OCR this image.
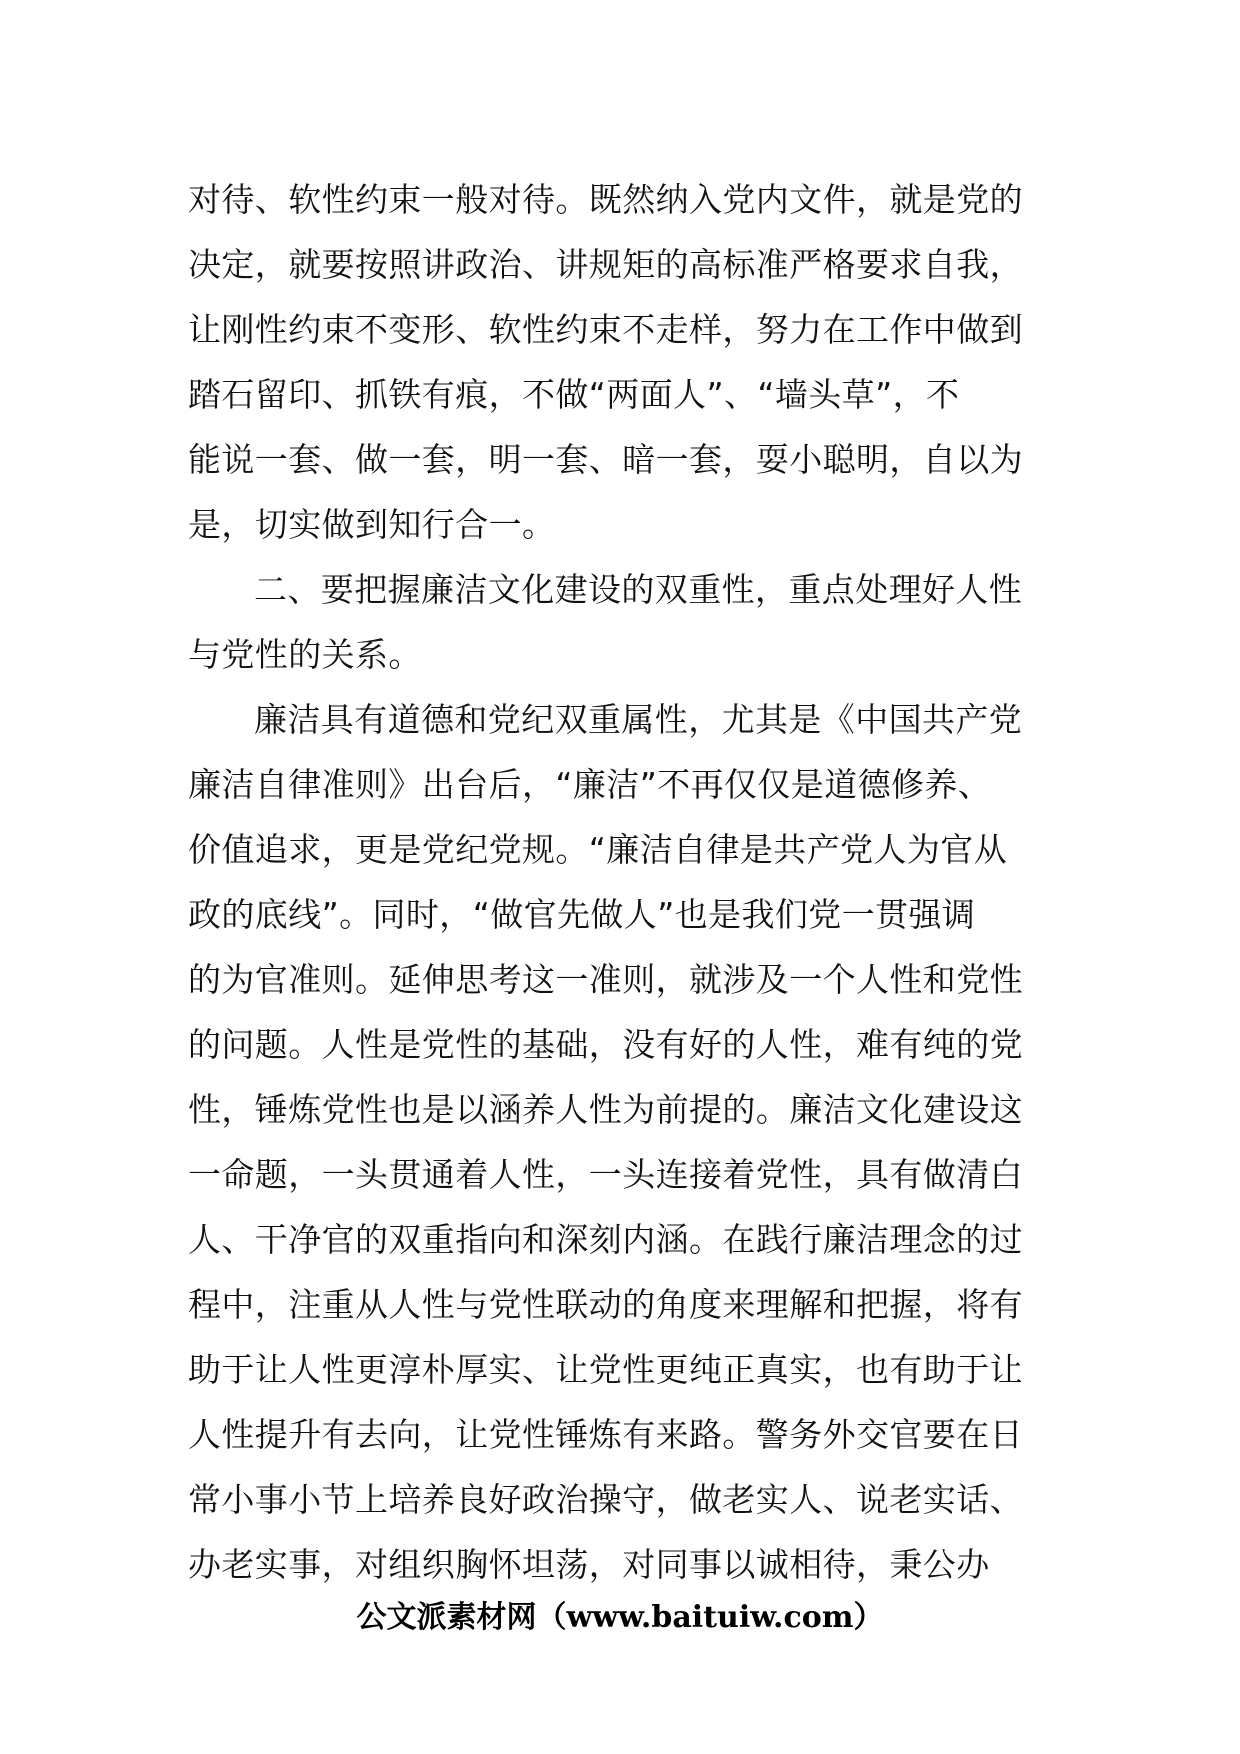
对待、软性约束一般对待。既然纳入党内文件，就是党的
决定，就要按照讲政治、讲规矩的高标准严格要求自我，
让刚性约束不变形、软性约束不走样，努力在工作中做到
踏石留印、抓铁有痕，不做“两面人”、“墙头草”，不
能说一套、做一套，明一套、暗一套，耍小聪明，自以为
是，切实做到知行合一。
二、要把握廉洁文化建设的双重性，重点处理好人性
与党性的关系。
廉洁具有道德和党纪双重属性，尤其是《中国共产党
廉洁自律准则》出台后，“廉洁”不再仅仅是道德修养、
价值追求，更是党纪党规。“廉洁自律是共产党人为官从
政的底线”。同时，“做官先做人”也是我们党一贯强调
的为官准则。延伸思考这一准则，就涉及一个人性和党性
的问题。人性是党性的基础，没有好的人性，难有纯的党
性，锤炼党性也是以涵养人性为前提的。廉洁文化建设这
一命题，一头贯通着人性，一头连接着党性，具有做清白
人、干净官的双重指向和深刻内涵。在践行廉洁理念的过
程中，注重从人性与党性联动的角度来理解和把握，将有
助于让人性更淳朴厚实、让党性更纯正真实，也有助于让
人性提升有去向，让党性锤炼有来路。警务外交官要在日
常小事小节上培养良好政治操守，做老实人、说老实话、
办老实事，对组织胸怀坦荡，对同事以诚相待，秉公办
公文派素材网（www.baituiw.com）
